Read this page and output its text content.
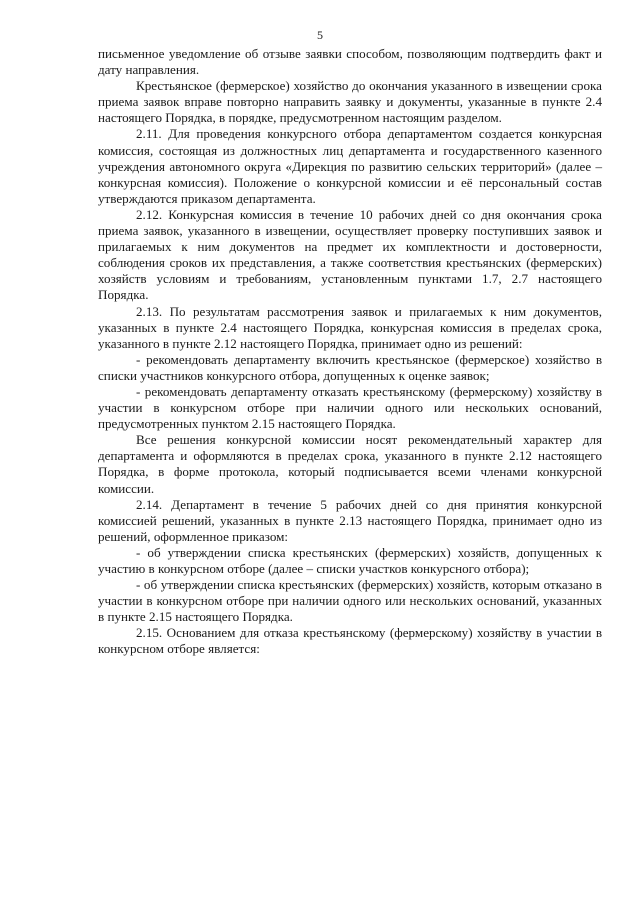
5

письменное уведомление об отзыве заявки способом, позволяющим подтвердить факт и дату направления.

Крестьянское (фермерское) хозяйство до окончания указанного в извещении срока приема заявок вправе повторно направить заявку и документы, указанные в пункте 2.4 настоящего Порядка, в порядке, предусмотренном настоящим разделом.

2.11. Для проведения конкурсного отбора департаментом создается конкурсная комиссия, состоящая из должностных лиц департамента и государственного казенного учреждения автономного округа «Дирекция по развитию сельских территорий» (далее – конкурсная комиссия). Положение о конкурсной комиссии и её персональный состав утверждаются приказом департамента.

2.12. Конкурсная комиссия в течение 10 рабочих дней со дня окончания срока приема заявок, указанного в извещении, осуществляет проверку поступивших заявок и прилагаемых к ним документов на предмет их комплектности и достоверности, соблюдения сроков их представления, а также соответствия крестьянских (фермерских) хозяйств условиям и требованиям, установленным пунктами 1.7, 2.7 настоящего Порядка.

2.13. По результатам рассмотрения заявок и прилагаемых к ним документов, указанных в пункте 2.4 настоящего Порядка, конкурсная комиссия в пределах срока, указанного в пункте 2.12 настоящего Порядка, принимает одно из решений:

- рекомендовать департаменту включить крестьянское (фермерское) хозяйство в списки участников конкурсного отбора, допущенных к оценке заявок;

- рекомендовать департаменту отказать крестьянскому (фермерскому) хозяйству в участии в конкурсном отборе при наличии одного или нескольких оснований, предусмотренных пунктом 2.15 настоящего Порядка.

Все решения конкурсной комиссии носят рекомендательный характер для департамента и оформляются в пределах срока, указанного в пункте 2.12 настоящего Порядка, в форме протокола, который подписывается всеми членами конкурсной комиссии.

2.14. Департамент в течение 5 рабочих дней со дня принятия конкурсной комиссией решений, указанных в пункте 2.13 настоящего Порядка, принимает одно из решений, оформленное приказом:

- об утверждении списка крестьянских (фермерских) хозяйств, допущенных к участию в конкурсном отборе (далее – списки участков конкурсного отбора);

- об утверждении списка крестьянских (фермерских) хозяйств, которым отказано в участии в конкурсном отборе при наличии одного или нескольких оснований, указанных в пункте 2.15 настоящего Порядка.

2.15. Основанием для отказа крестьянскому (фермерскому) хозяйству в участии в конкурсном отборе является:
